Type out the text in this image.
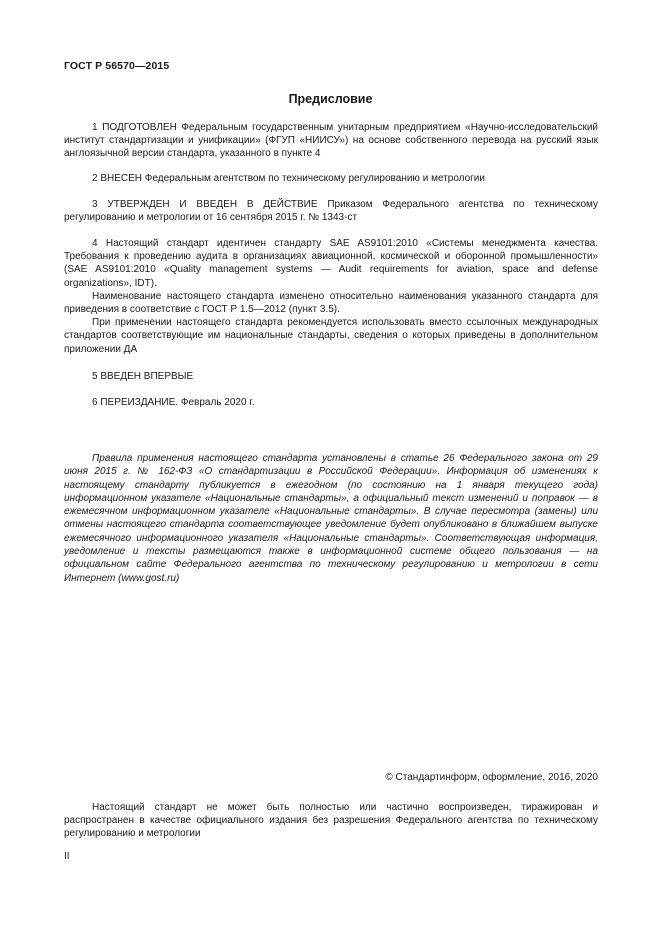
ГОСТ Р 56570—2015
Предисловие

1 ПОДГОТОВЛЕН Федеральным государственным унитарным предприятием «Научно-исследовательский институт стандартизации и унификации» (ФГУП «НИИСУ») на основе собственного перевода на русский язык англоязычной версии стандарта, указанного в пункте 4

2 ВНЕСЕН Федеральным агентством по техническому регулированию и метрологии

3 УТВЕРЖДЕН И ВВЕДЕН В ДЕЙСТВИЕ Приказом Федерального агентства по техническому регулированию и метрологии от 16 сентября 2015 г. № 1343-ст

4 Настоящий стандарт идентичен стандарту SAE AS9101:2010 «Системы менеджмента качества. Требования к проведению аудита в организациях авиационной, космической и оборонной промышленности» (SAE AS9101:2010 «Quality management systems — Audit requirements for aviation, space and defense organizations», IDT).

Наименование настоящего стандарта изменено относительно наименования указанного стандарта для приведения в соответствие с ГОСТ Р 1.5—2012 (пункт 3.5).

При применении настоящего стандарта рекомендуется использовать вместо ссылочных международных стандартов соответствующие им национальные стандарты, сведения о которых приведены в дополнительном приложении ДА

5 ВВЕДЕН ВПЕРВЫЕ

6 ПЕРЕИЗДАНИЕ. Февраль 2020 г.

Правила применения настоящего стандарта установлены в статье 26 Федерального закона от 29 июня 2015 г. № 162-ФЗ «О стандартизации в Российской Федерации». Информация об изменениях к настоящему стандарту публикуется в ежегодном (по состоянию на 1 января текущего года) информационном указателе «Национальные стандарты», а официальный текст изменений и поправок — в ежемесячном информационном указателе «Национальные стандарты». В случае пересмотра (замены) или отмены настоящего стандарта соответствующее уведомление будет опубликовано в ближайшем выпуске ежемесячного информационного указателя «Национальные стандарты». Соответствующая информация, уведомление и тексты размещаются также в информационной системе общего пользования — на официальном сайте Федерального агентства по техническому регулированию и метрологии в сети Интернет (www.gost.ru)

© Стандартинформ, оформление, 2016, 2020

Настоящий стандарт не может быть полностью или частично воспроизведен, тиражирован и распространен в качестве официального издания без разрешения Федерального агентства по техническому регулированию и метрологии

II
